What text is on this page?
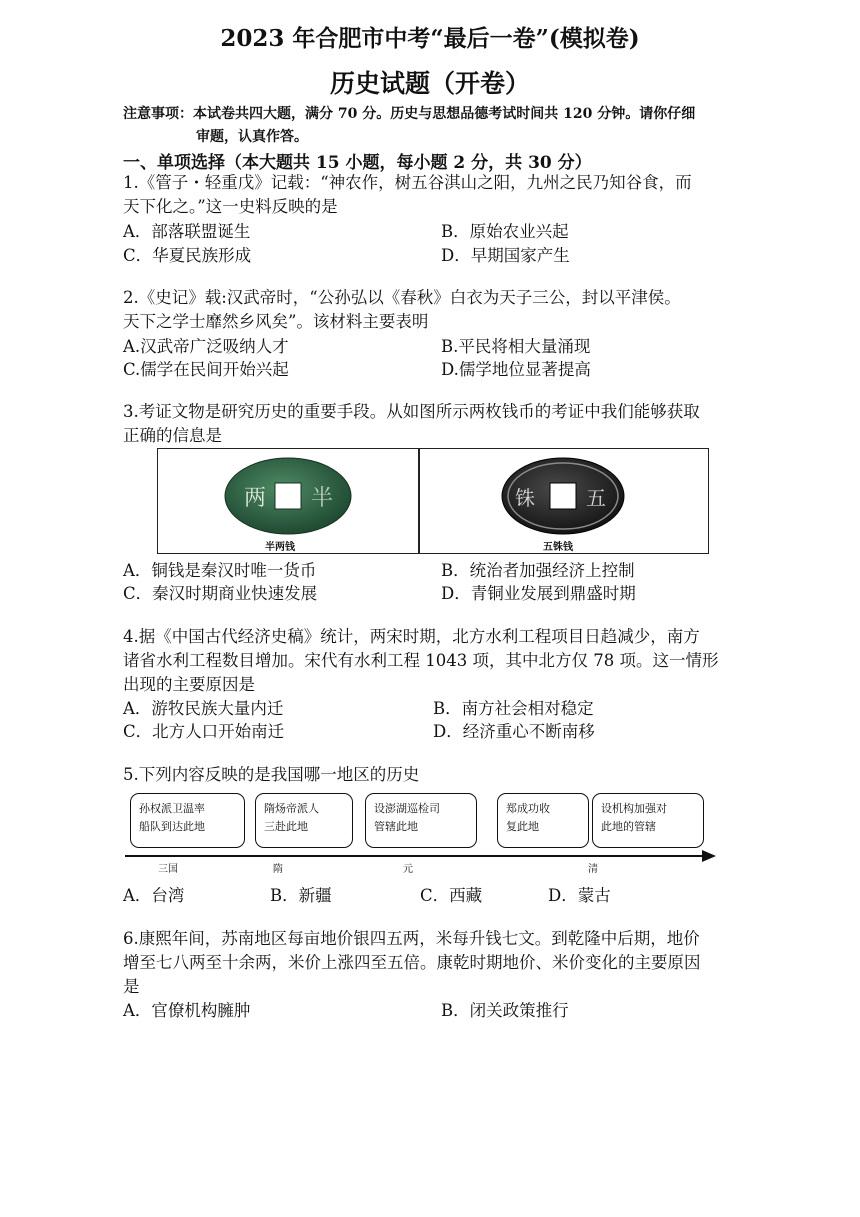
2023 年合肥市中考“最后一卷”(模拟卷)
历史试题（开卷）
注意事项：本试卷共四大题，满分 70 分。历史与思想品德考试时间共 120 分钟。请你仔细
审题，认真作答。
一、单项选择（本大题共 15 小题，每小题 2 分，共 30 分）
1.《管子・轻重戊》记载：“神农作，树五谷淇山之阳，九州之民乃知谷食，而
天下化之。”这一史料反映的是
A．部落联盟诞生	B．原始农业兴起
C．华夏民族形成	D．早期国家产生
2.《史记》载:汉武帝时，“公孙弘以《春秋》白衣为天子三公，封以平津侯。
天下之学士靡然乡风矣”。该材料主要表明
A.汉武帝广泛吸纳人才	B.平民将相大量涌现
C.儒学在民间开始兴起	D.儒学地位显著提高
3.考证文物是研究历史的重要手段。从如图所示两枚钱币的考证中我们能够获取
正确的信息是
两 半
半两钱
铢	五
五铢钱
A．铜钱是秦汉时唯一货币	B．统治者加强经济上控制
C．秦汉时期商业快速发展	D．青铜业发展到鼎盛时期
4.据《中国古代经济史稿》统计，两宋时期，北方水利工程项目日趋减少，南方
诸省水利工程数目增加。宋代有水利工程 1043 项，其中北方仅 78 项。这一情形
出现的主要原因是
A．游牧民族大量内迁	B．南方社会相对稳定
C．北方人口开始南迁	D．经济重心不断南移
5.下列内容反映的是我国哪一地区的历史
孙权派卫温率
船队到达此地
隋炀帝派人
三赴此地
设澎湖巡检司
管辖此地
郑成功收
复此地
设机构加强对
此地的管辖
三国	隋	元	清
A．台湾	B．新疆	C．西藏	D．蒙古
6.康熙年间，苏南地区每亩地价银四五两，米每升钱七文。到乾隆中后期，地价
增至七八两至十余两，米价上涨四至五倍。康乾时期地价、米价变化的主要原因
是
A．官僚机构臃肿	B．闭关政策推行
